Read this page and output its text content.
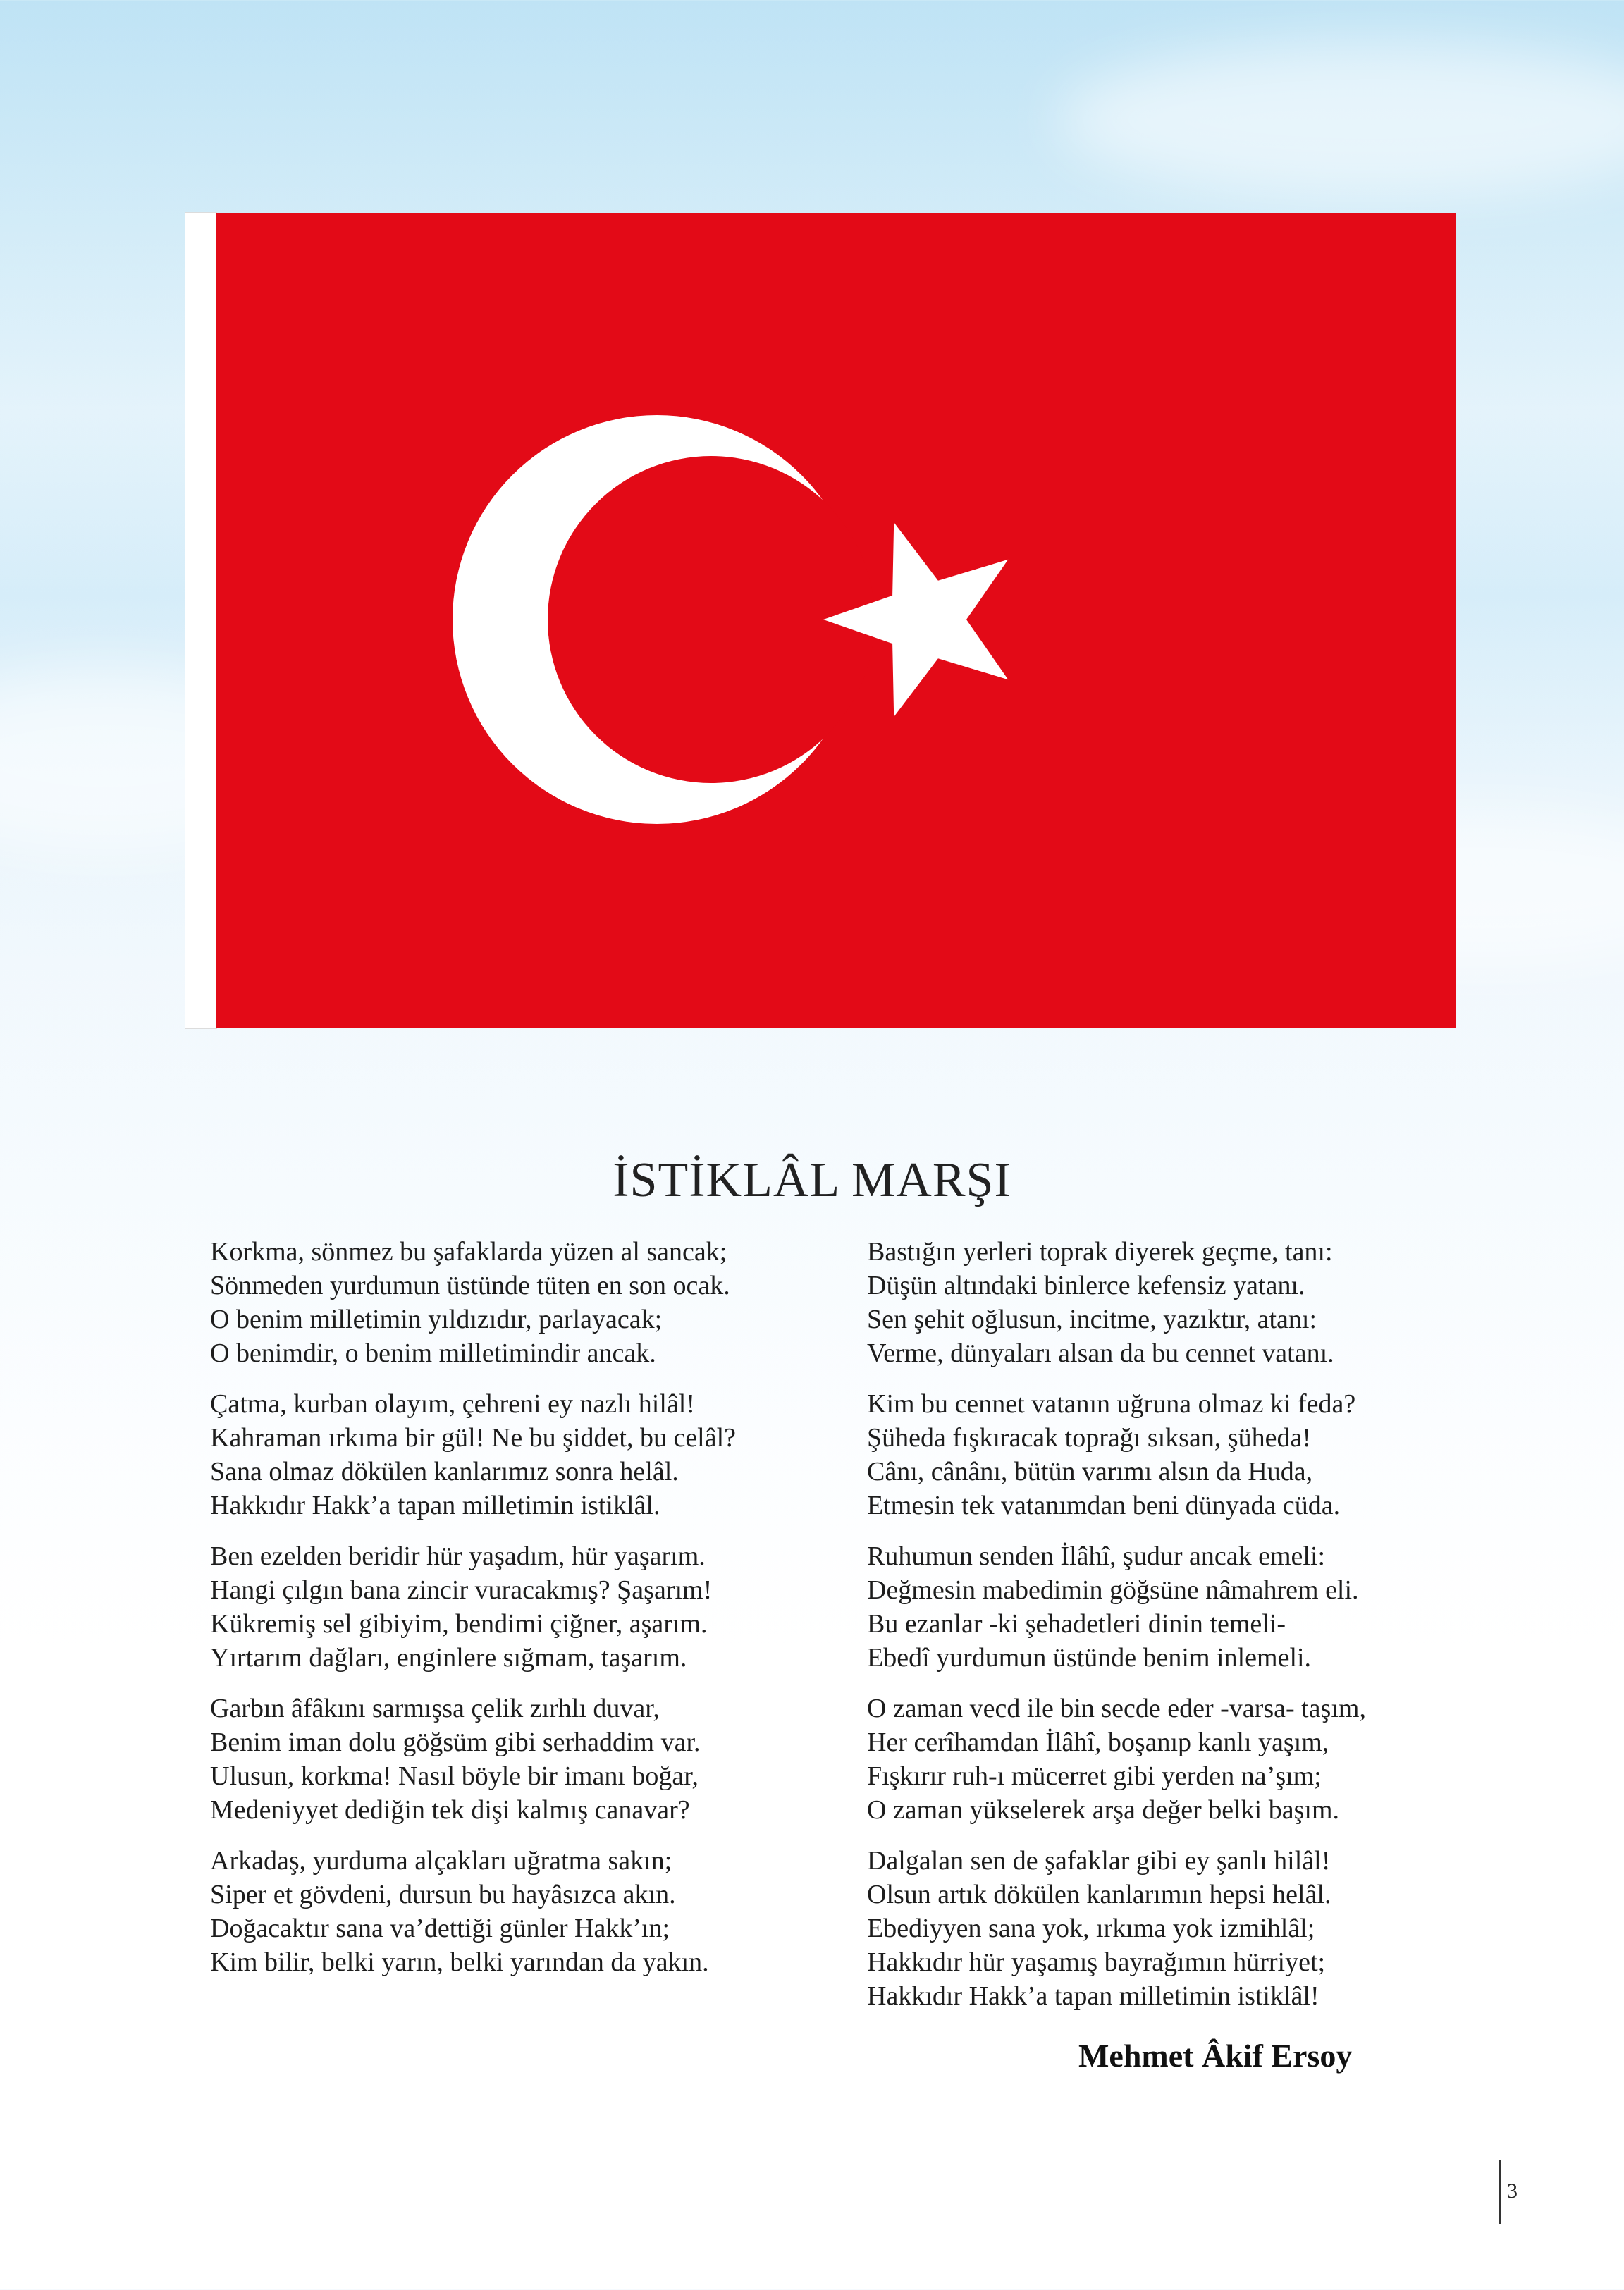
İSTİKLÂL MARŞI
Korkma, sönmez bu şafaklarda yüzen al sancak;
Sönmeden yurdumun üstünde tüten en son ocak.
O benim milletimin yıldızıdır, parlayacak;
O benimdir, o benim milletimindir ancak.
Çatma, kurban olayım, çehreni ey nazlı hilâl!
Kahraman ırkıma bir gül! Ne bu şiddet, bu celâl?
Sana olmaz dökülen kanlarımız sonra helâl.
Hakkıdır Hakk’a tapan milletimin istiklâl.
Ben ezelden beridir hür yaşadım, hür yaşarım.
Hangi çılgın bana zincir vuracakmış? Şaşarım!
Kükremiş sel gibiyim, bendimi çiğner, aşarım.
Yırtarım dağları, enginlere sığmam, taşarım.
Garbın âfâkını sarmışsa çelik zırhlı duvar,
Benim iman dolu göğsüm gibi serhaddim var.
Ulusun, korkma! Nasıl böyle bir imanı boğar,
Medeniyyet dediğin tek dişi kalmış canavar?
Arkadaş, yurduma alçakları uğratma sakın;
Siper et gövdeni, dursun bu hayâsızca akın.
Doğacaktır sana va’dettiği günler Hakk’ın;
Kim bilir, belki yarın, belki yarından da yakın.
Bastığın yerleri toprak diyerek geçme, tanı:
Düşün altındaki binlerce kefensiz yatanı.
Sen şehit oğlusun, incitme, yazıktır, atanı:
Verme, dünyaları alsan da bu cennet vatanı.
Kim bu cennet vatanın uğruna olmaz ki feda?
Şüheda fışkıracak toprağı sıksan, şüheda!
Cânı, cânânı, bütün varımı alsın da Huda,
Etmesin tek vatanımdan beni dünyada cüda.
Ruhumun senden İlâhî, şudur ancak emeli:
Değmesin mabedimin göğsüne nâmahrem eli.
Bu ezanlar -ki şehadetleri dinin temeli-
Ebedî yurdumun üstünde benim inlemeli.
O zaman vecd ile bin secde eder -varsa- taşım,
Her cerîhamdan İlâhî, boşanıp kanlı yaşım,
Fışkırır ruh-ı mücerret gibi yerden na’şım;
O zaman yükselerek arşa değer belki başım.
Dalgalan sen de şafaklar gibi ey şanlı hilâl!
Olsun artık dökülen kanlarımın hepsi helâl.
Ebediyyen sana yok, ırkıma yok izmihlâl;
Hakkıdır hür yaşamış bayrağımın hürriyet;
Hakkıdır Hakk’a tapan milletimin istiklâl!
Mehmet Âkif Ersoy
3
